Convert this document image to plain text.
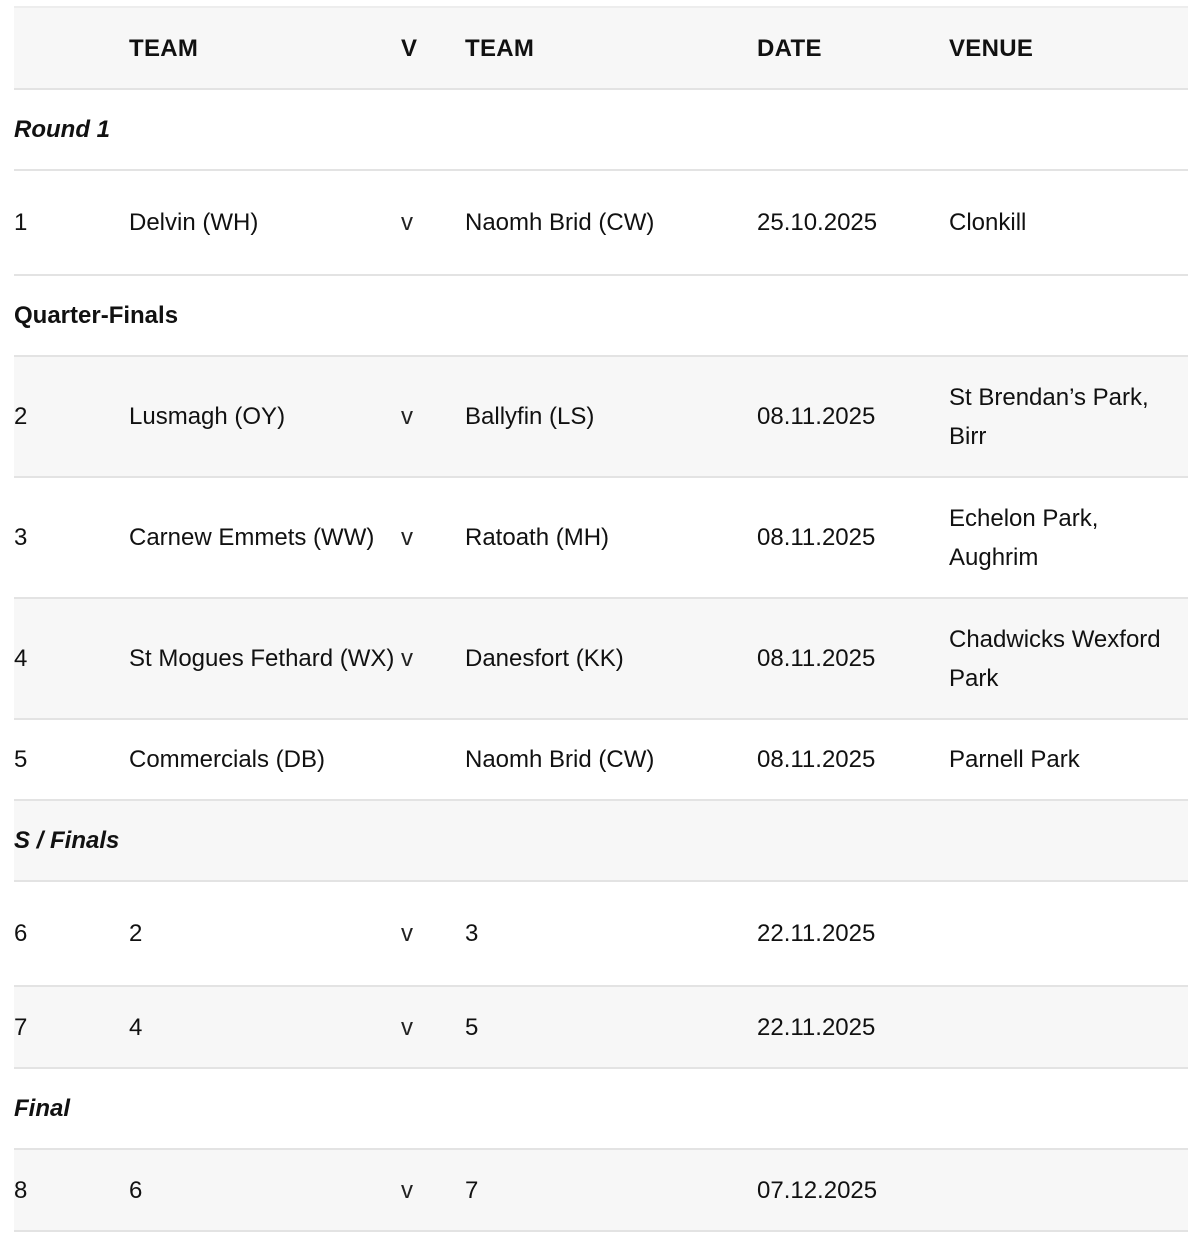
	TEAM	V	TEAM	DATE	VENUE
Round 1					
1	Delvin (WH)	v	Naomh Brid (CW)	25.10.2025	Clonkill
Quarter-Finals					
2	Lusmagh (OY)	v	Ballyfin (LS)	08.11.2025	St Brendan’s Park, Birr
3	Carnew Emmets (WW)	v	Ratoath (MH)	08.11.2025	Echelon Park, Aughrim
4	St Mogues Fethard (WX)	v	Danesfort (KK)	08.11.2025	Chadwicks Wexford Park
5	Commercials (DB)		Naomh Brid (CW)	08.11.2025	Parnell Park
S / Finals					
6	2	v	3	22.11.2025	
7	4	v	5	22.11.2025	
Final					
8	6	v	7	07.12.2025	
